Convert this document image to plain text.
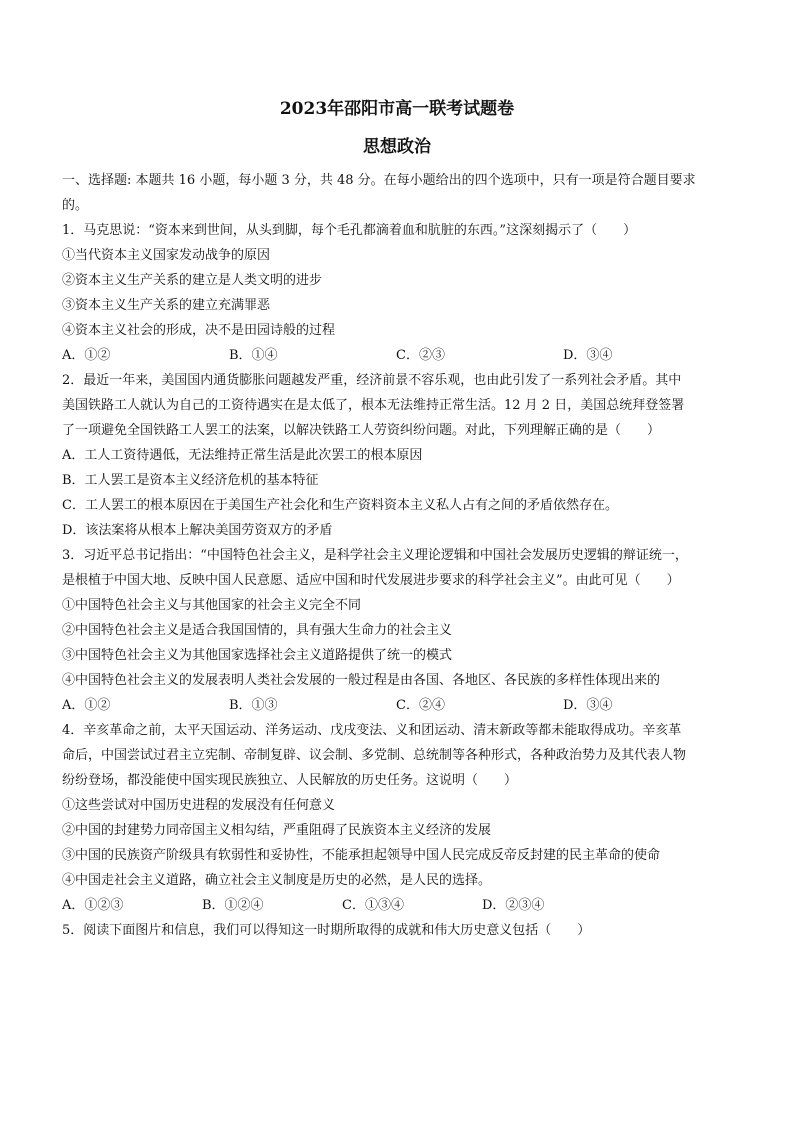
2023年邵阳市高一联考试题卷
思想政治
一、选择题: 本题共 16 小题，每小题 3 分，共 48 分。在每小题给出的四个选项中，只有一项是符合题目要求
的。
1．马克思说：“资本来到世间，从头到脚，每个毛孔都滴着血和肮脏的东西。”这深刻揭示了（　　）
①当代资本主义国家发动战争的原因
②资本主义生产关系的建立是人类文明的进步
③资本主义生产关系的建立充满罪恶
④资本主义社会的形成，决不是田园诗般的过程
A．①②	B．①④	C．②③	D．③④
2．最近一年来，美国国内通货膨胀问题越发严重，经济前景不容乐观，也由此引发了一系列社会矛盾。其中
美国铁路工人就认为自己的工资待遇实在是太低了，根本无法维持正常生活。12 月 2 日，美国总统拜登签署
了一项避免全国铁路工人罢工的法案，以解决铁路工人劳资纠纷问题。对此，下列理解正确的是（　　）
A．工人工资待遇低，无法维持正常生活是此次罢工的根本原因
B．工人罢工是资本主义经济危机的基本特征
C．工人罢工的根本原因在于美国生产社会化和生产资料资本主义私人占有之间的矛盾依然存在。
D．该法案将从根本上解决美国劳资双方的矛盾
3．习近平总书记指出：“中国特色社会主义，是科学社会主义理论逻辑和中国社会发展历史逻辑的辩证统一，
是根植于中国大地、反映中国人民意愿、适应中国和时代发展进步要求的科学社会主义”。由此可见（　　）
①中国特色社会主义与其他国家的社会主义完全不同
②中国特色社会主义是适合我国国情的，具有强大生命力的社会主义
③中国特色社会主义为其他国家选择社会主义道路提供了统一的模式
④中国特色社会主义的发展表明人类社会发展的一般过程是由各国、各地区、各民族的多样性体现出来的
A．①②	B．①③	C．②④	D．③④
4．辛亥革命之前，太平天国运动、洋务运动、戊戌变法、义和团运动、清末新政等都未能取得成功。辛亥革
命后，中国尝试过君主立宪制、帝制复辟、议会制、多党制、总统制等各种形式，各种政治势力及其代表人物
纷纷登场，都没能使中国实现民族独立、人民解放的历史任务。这说明（　　）
①这些尝试对中国历史进程的发展没有任何意义
②中国的封建势力同帝国主义相勾结，严重阻碍了民族资本主义经济的发展
③中国的民族资产阶级具有软弱性和妥协性，不能承担起领导中国人民完成反帝反封建的民主革命的使命
④中国走社会主义道路，确立社会主义制度是历史的必然，是人民的选择。
A．①②③	B．①②④	C．①③④	D．②③④
5．阅读下面图片和信息，我们可以得知这一时期所取得的成就和伟大历史意义包括（　　）
